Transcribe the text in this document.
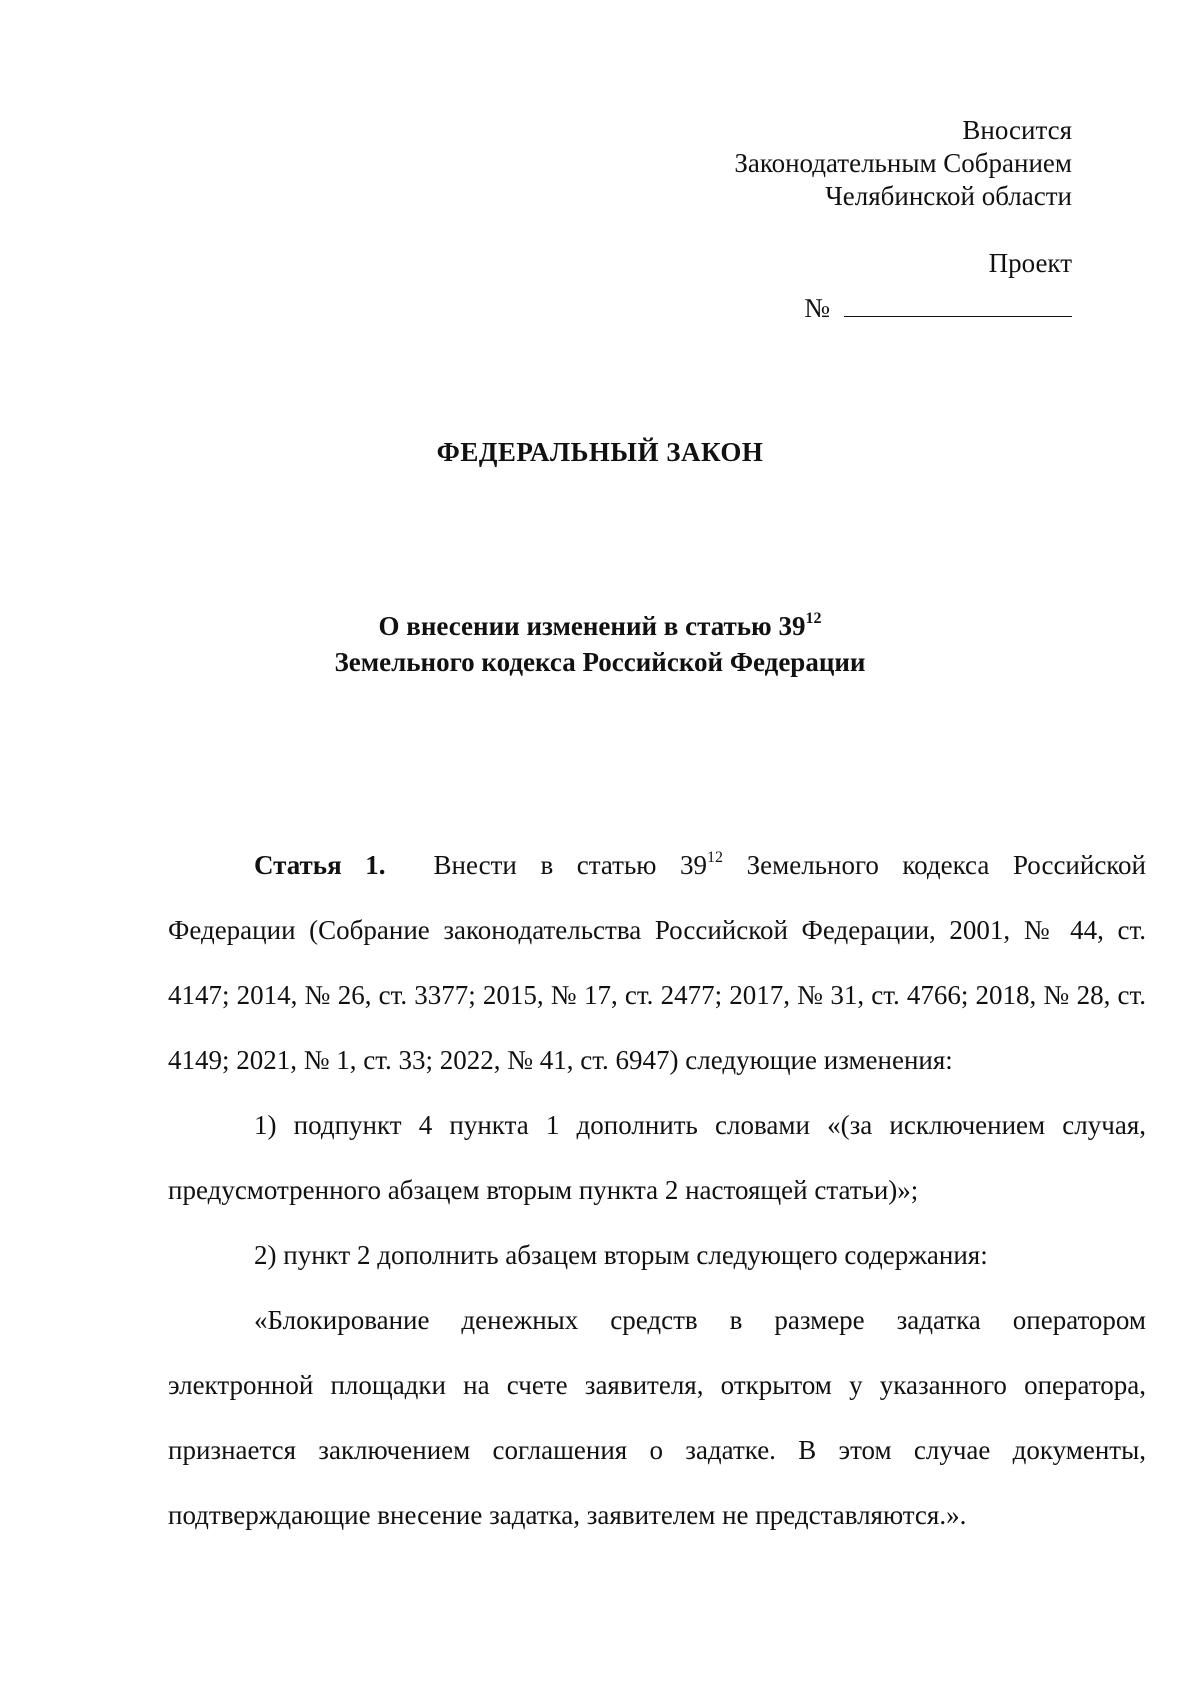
Вносится
Законодательным Собранием
Челябинской области
Проект
№
ФЕДЕРАЛЬНЫЙ ЗАКОН
О внесении изменений в статью $39^{12}$
Земельного кодекса Российской Федерации

Статья 1. Внести в статью $39^{12}$ Земельного кодекса Российской Федерации (Собрание законодательства Российской Федерации, 2001, № 44, ст. 4147; 2014, № 26, ст. 3377; 2015, № 17, ст. 2477; 2017, № 31, ст. 4766; 2018, № 28, ст. 4149; 2021, № 1, ст. 33; 2022, № 41, ст. 6947) следующие изменения:

1) подпункт 4 пункта 1 дополнить словами «(за исключением случая, предусмотренного абзацем вторым пункта 2 настоящей статьи)»;

2) пункт 2 дополнить абзацем вторым следующего содержания:

«Блокирование денежных средств в размере задатка оператором электронной площадки на счете заявителя, открытом у указанного оператора, признается заключением соглашения о задатке. В этом случае документы, подтверждающие внесение задатка, заявителем не представляются.».
